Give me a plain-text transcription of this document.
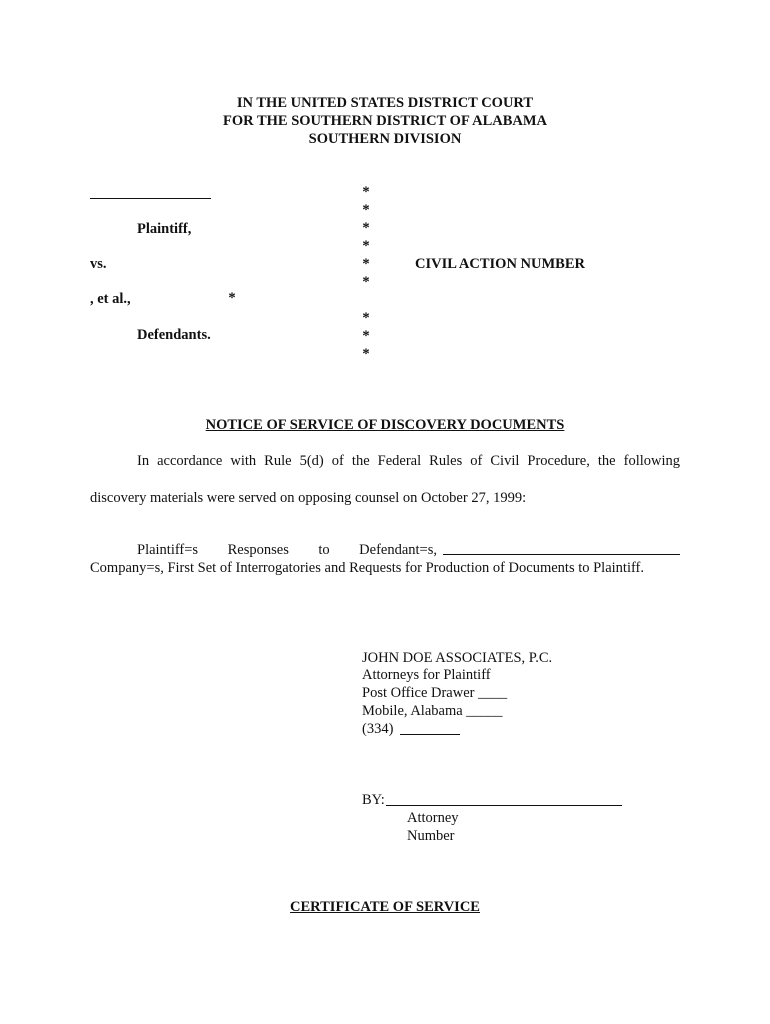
IN THE UNITED STATES DISTRICT COURT
FOR THE SOUTHERN DISTRICT OF ALABAMA
SOUTHERN DIVISION
Plaintiff,
vs.
, et al.,	*
Defendants.
*
*
*
*
*
*
*
*
*
CIVIL ACTION NUMBER
NOTICE OF SERVICE OF DISCOVERY DOCUMENTS
In accordance with Rule 5(d) of the Federal Rules of Civil Procedure, the following
discovery materials were served on opposing counsel on October 27, 1999:
Plaintiff=s Responses to Defendant=s,
Company=s, First Set of Interrogatories and Requests for Production of Documents to Plaintiff.
JOHN DOE ASSOCIATES, P.C.
Attorneys for Plaintiff
Post Office Drawer ____
Mobile, Alabama _____
(334)
BY:
Attorney
Number
CERTIFICATE OF SERVICE
